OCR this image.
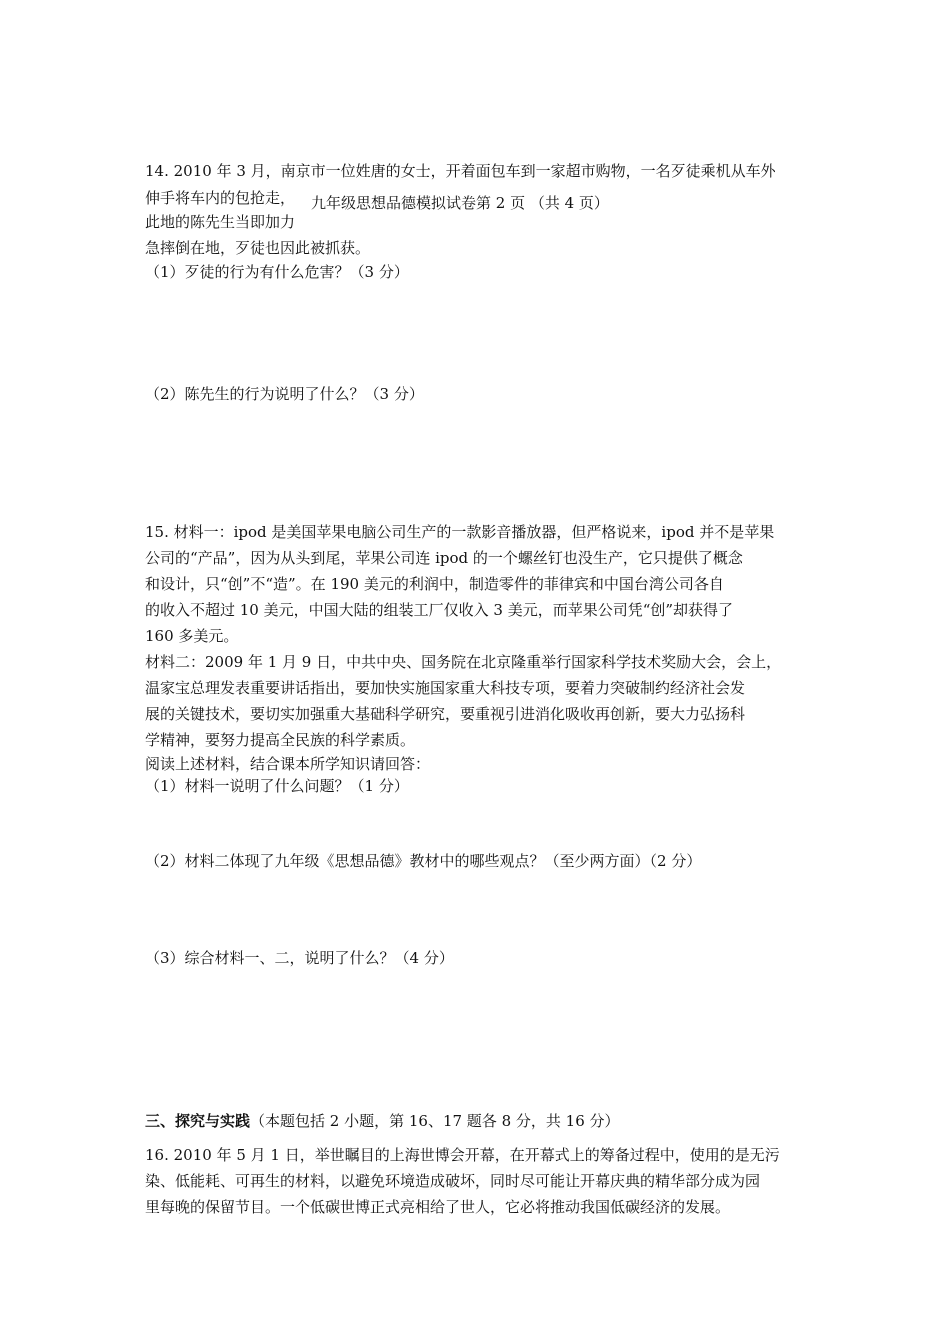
14. 2010 年 3 月，南京市一位姓唐的女士，开着面包车到一家超市购物，一名歹徒乘机从车外
伸手将车内的包抢走，
此地的陈先生当即加力
急摔倒在地，歹徒也因此被抓获。
（1）歹徒的行为有什么危害？（3 分）
（2）陈先生的行为说明了什么？（3 分）
九年级思想品德模拟试卷第 2 页 （共 4 页）
15. 材料一：ipod 是美国苹果电脑公司生产的一款影音播放器，但严格说来，ipod 并不是苹果
公司的“产品”，因为从头到尾，苹果公司连 ipod 的一个螺丝钉也没生产，它只提供了概念
和设计，只“创”不“造”。在 190 美元的利润中，制造零件的菲律宾和中国台湾公司各自
的收入不超过 10 美元，中国大陆的组装工厂仅收入 3 美元，而苹果公司凭“创”却获得了
160 多美元。
材料二：2009 年 1 月 9 日，中共中央、国务院在北京隆重举行国家科学技术奖励大会，会上，
温家宝总理发表重要讲话指出，要加快实施国家重大科技专项，要着力突破制约经济社会发
展的关键技术，要切实加强重大基础科学研究，要重视引进消化吸收再创新，要大力弘扬科
学精神，要努力提高全民族的科学素质。
阅读上述材料，结合课本所学知识请回答：
（1）材料一说明了什么问题？（1 分）
（2）材料二体现了九年级《思想品德》教材中的哪些观点？（至少两方面）（2 分）
（3）综合材料一、二，说明了什么？（4 分）
三、探究与实践（本题包括 2 小题，第 16、17 题各 8 分，共 16 分）
16. 2010 年 5 月 1 日，举世瞩目的上海世博会开幕，在开幕式上的筹备过程中，使用的是无污
染、低能耗、可再生的材料，以避免环境造成破坏，同时尽可能让开幕庆典的精华部分成为园
里每晚的保留节目。一个低碳世博正式亮相给了世人，它必将推动我国低碳经济的发展。
